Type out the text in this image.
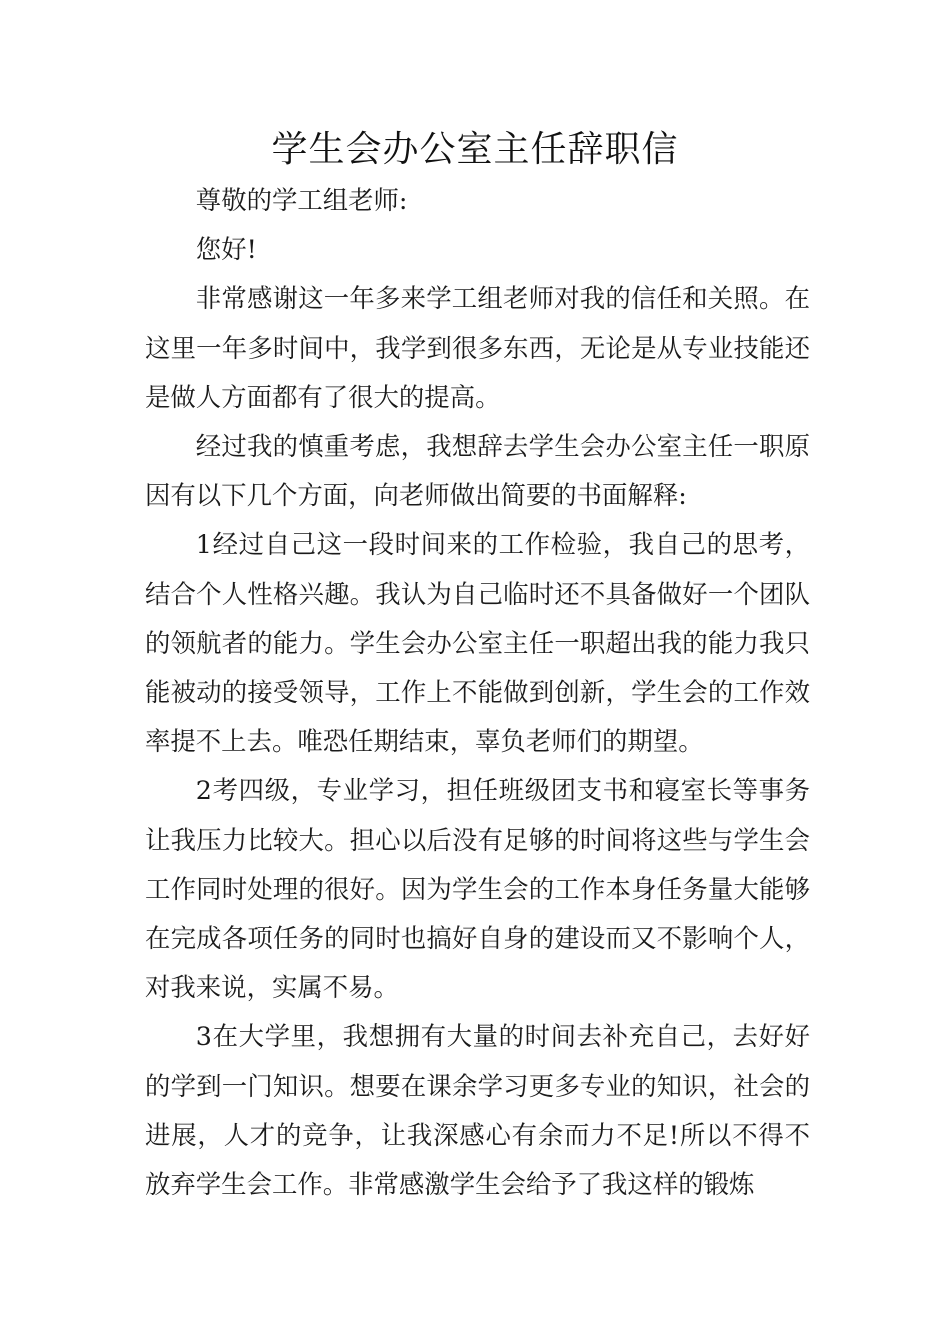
学生会办公室主任辞职信

尊敬的学工组老师:

您好!

非常感谢这一年多来学工组老师对我的信任和关照。在这里一年多时间中，我学到很多东西，无论是从专业技能还是做人方面都有了很大的提高。

经过我的慎重考虑，我想辞去学生会办公室主任一职原因有以下几个方面，向老师做出简要的书面解释:

1经过自己这一段时间来的工作检验，我自己的思考，结合个人性格兴趣。我认为自己临时还不具备做好一个团队的领航者的能力。学生会办公室主任一职超出我的能力我只能被动的接受领导，工作上不能做到创新，学生会的工作效率提不上去。唯恐任期结束，辜负老师们的期望。

2考四级，专业学习，担任班级团支书和寝室长等事务让我压力比较大。担心以后没有足够的时间将这些与学生会工作同时处理的很好。因为学生会的工作本身任务量大能够在完成各项任务的同时也搞好自身的建设而又不影响个人，对我来说，实属不易。

3在大学里，我想拥有大量的时间去补充自己，去好好的学到一门知识。想要在课余学习更多专业的知识，社会的进展，人才的竞争，让我深感心有余而力不足!所以不得不放弃学生会工作。非常感激学生会给予了我这样的锻炼
